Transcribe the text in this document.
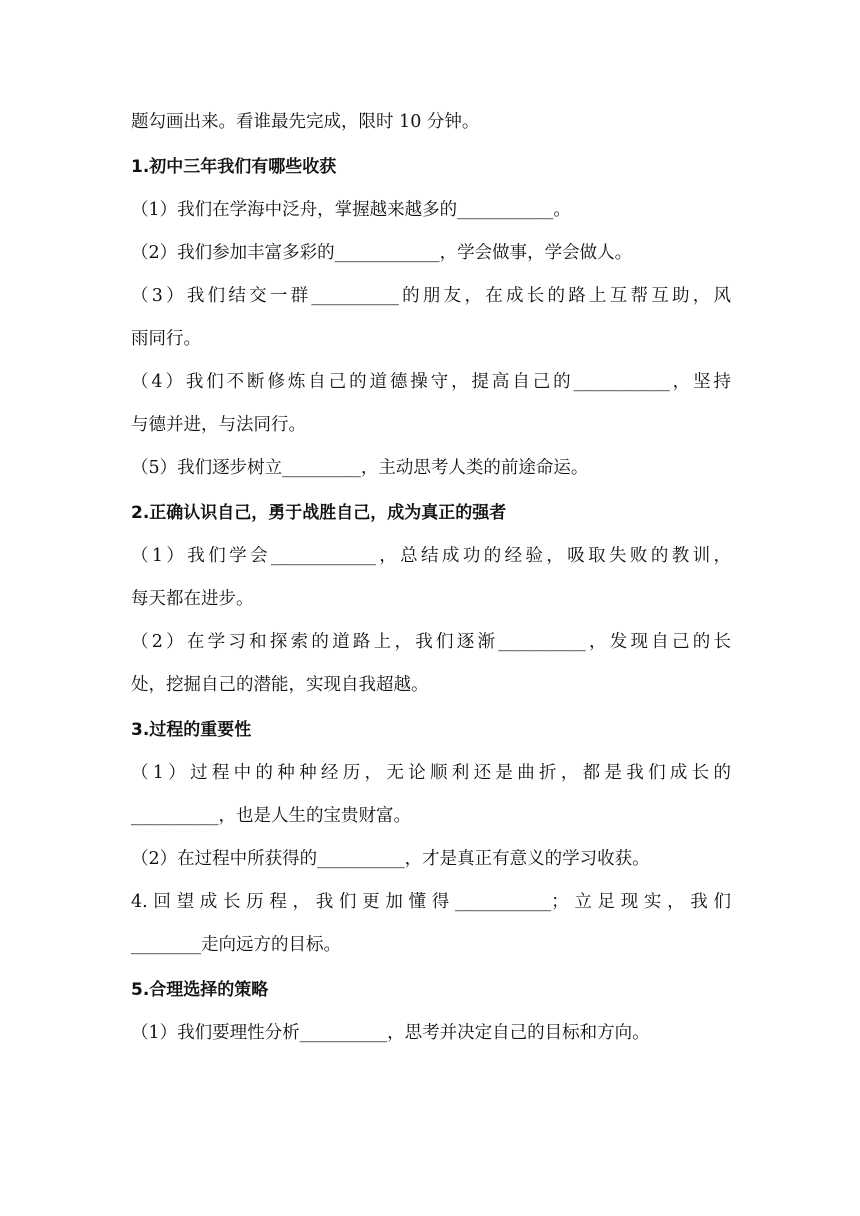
题勾画出来。看谁最先完成，限时 10 分钟。

1.初中三年我们有哪些收获

（1）我们在学海中泛舟，掌握越来越多的___________。

（2）我们参加丰富多彩的____________，学会做事，学会做人。

（3）我们结交一群__________的朋友，在成长的路上互帮互助，风

雨同行。

（4）我们不断修炼自己的道德操守，提高自己的___________，坚持

与德并进，与法同行。

（5）我们逐步树立_________，主动思考人类的前途命运。

2.正确认识自己，勇于战胜自己，成为真正的强者

（1）我们学会____________，总结成功的经验，吸取失败的教训，

每天都在进步。

（2）在学习和探索的道路上，我们逐渐__________，发现自己的长

处，挖掘自己的潜能，实现自我超越。

3.过程的重要性

（1）过程中的种种经历，无论顺利还是曲折，都是我们成长的

__________，也是人生的宝贵财富。

（2）在过程中所获得的__________，才是真正有意义的学习收获。

4.回望成长历程，我们更加懂得___________；立足现实，我们

________走向远方的目标。

5.合理选择的策略

（1）我们要理性分析__________，思考并决定自己的目标和方向。
